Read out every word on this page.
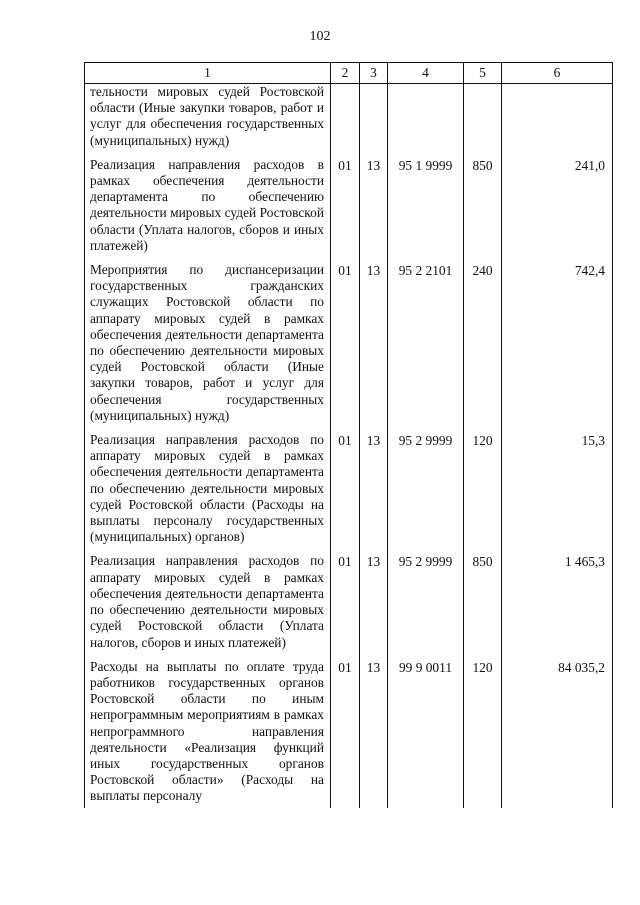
102
1	2	3	4	5	6
тельности мировых судей Ростовской области (Иные закупки товаров, работ и услуг для обеспечения государственных (муниципальных) нужд)					
Реализация направления расходов в рамках обеспечения деятельности департамента по обеспечению деятельности мировых судей Ростовской области (Уплата налогов, сборов и иных платежей)	01	13	95 1 9999	850	241,0
Мероприятия по диспансеризации государственных гражданских служащих Ростовской области по аппарату мировых судей в рамках обеспечения деятельности департамента по обеспечению деятельности мировых судей Ростовской области (Иные закупки товаров, работ и услуг для обеспечения государственных (муниципальных) нужд)	01	13	95 2 2101	240	742,4
Реализация направления расходов по аппарату мировых судей в рамках обеспечения деятельности департамента по обеспечению деятельности мировых судей Ростовской области (Расходы на выплаты персоналу государственных (муниципальных) органов)	01	13	95 2 9999	120	15,3
Реализация направления расходов по аппарату мировых судей в рамках обеспечения деятельности департамента по обеспечению деятельности мировых судей Ростовской области (Уплата налогов, сборов и иных платежей)	01	13	95 2 9999	850	1 465,3
Расходы на выплаты по оплате труда работников государственных органов Ростовской области по иным непрограммным мероприятиям в рамках непрограммного направления деятельности «Реализация функций иных государственных органов Ростовской области» (Расходы на выплаты персоналу	01	13	99 9 0011	120	84 035,2
